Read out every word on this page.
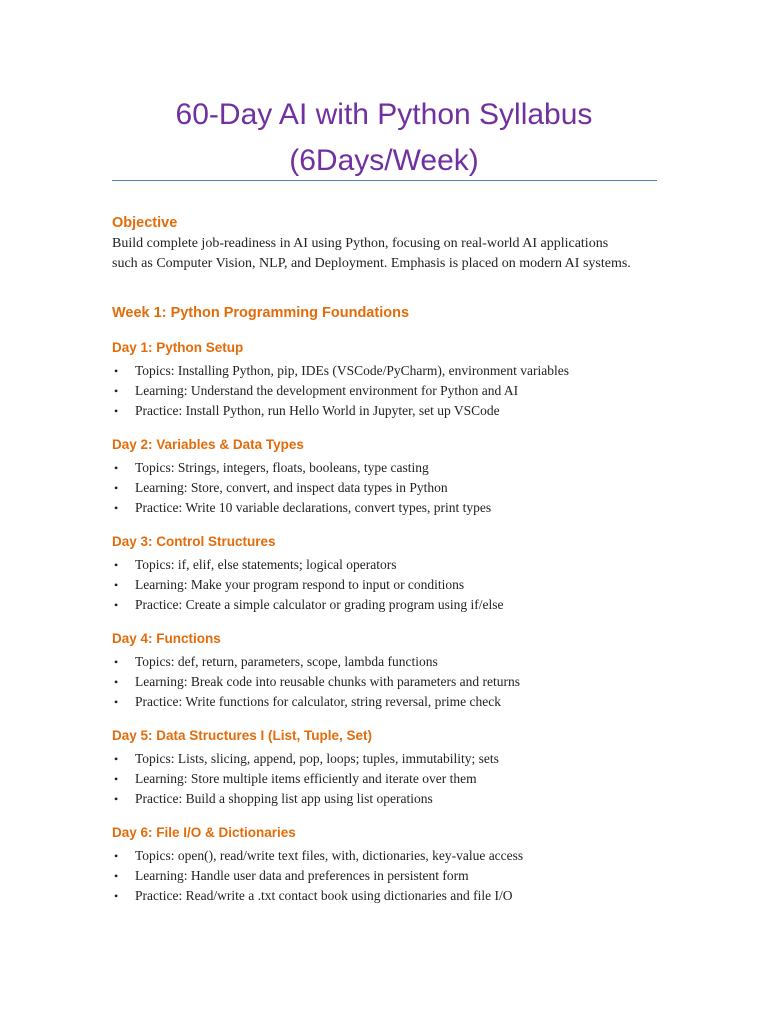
60-Day AI with Python Syllabus
(6Days/Week)
Objective

Build complete job-readiness in AI using Python, focusing on real-world AI applications
such as Computer Vision, NLP, and Deployment. Emphasis is placed on modern AI systems.

Week 1: Python Programming Foundations
Day 1: Python Setup
• Topics: Installing Python, pip, IDEs (VSCode/PyCharm), environment variables
• Learning: Understand the development environment for Python and AI
• Practice: Install Python, run Hello World in Jupyter, set up VSCode
Day 2: Variables & Data Types
• Topics: Strings, integers, floats, booleans, type casting
• Learning: Store, convert, and inspect data types in Python
• Practice: Write 10 variable declarations, convert types, print types
Day 3: Control Structures
• Topics: if, elif, else statements; logical operators
• Learning: Make your program respond to input or conditions
• Practice: Create a simple calculator or grading program using if/else
Day 4: Functions
• Topics: def, return, parameters, scope, lambda functions
• Learning: Break code into reusable chunks with parameters and returns
• Practice: Write functions for calculator, string reversal, prime check
Day 5: Data Structures I (List, Tuple, Set)
• Topics: Lists, slicing, append, pop, loops; tuples, immutability; sets
• Learning: Store multiple items efficiently and iterate over them
• Practice: Build a shopping list app using list operations
Day 6: File I/O & Dictionaries
• Topics: open(), read/write text files, with, dictionaries, key-value access
• Learning: Handle user data and preferences in persistent form
• Practice: Read/write a .txt contact book using dictionaries and file I/O
